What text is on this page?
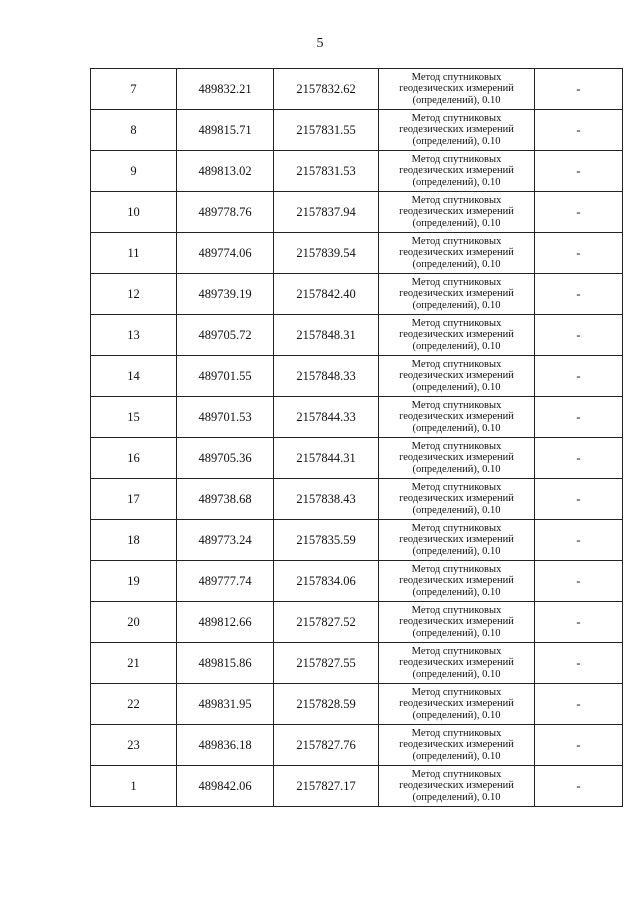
5
7	489832.21	2157832.62	Метод спутниковых
геодезических измерений
(определений), 0.10	-
8	489815.71	2157831.55	Метод спутниковых
геодезических измерений
(определений), 0.10	-
9	489813.02	2157831.53	Метод спутниковых
геодезических измерений
(определений), 0.10	-
10	489778.76	2157837.94	Метод спутниковых
геодезических измерений
(определений), 0.10	-
11	489774.06	2157839.54	Метод спутниковых
геодезических измерений
(определений), 0.10	-
12	489739.19	2157842.40	Метод спутниковых
геодезических измерений
(определений), 0.10	-
13	489705.72	2157848.31	Метод спутниковых
геодезических измерений
(определений), 0.10	-
14	489701.55	2157848.33	Метод спутниковых
геодезических измерений
(определений), 0.10	-
15	489701.53	2157844.33	Метод спутниковых
геодезических измерений
(определений), 0.10	-
16	489705.36	2157844.31	Метод спутниковых
геодезических измерений
(определений), 0.10	-
17	489738.68	2157838.43	Метод спутниковых
геодезических измерений
(определений), 0.10	-
18	489773.24	2157835.59	Метод спутниковых
геодезических измерений
(определений), 0.10	-
19	489777.74	2157834.06	Метод спутниковых
геодезических измерений
(определений), 0.10	-
20	489812.66	2157827.52	Метод спутниковых
геодезических измерений
(определений), 0.10	-
21	489815.86	2157827.55	Метод спутниковых
геодезических измерений
(определений), 0.10	-
22	489831.95	2157828.59	Метод спутниковых
геодезических измерений
(определений), 0.10	-
23	489836.18	2157827.76	Метод спутниковых
геодезических измерений
(определений), 0.10	-
1	489842.06	2157827.17	Метод спутниковых
геодезических измерений
(определений), 0.10	-
